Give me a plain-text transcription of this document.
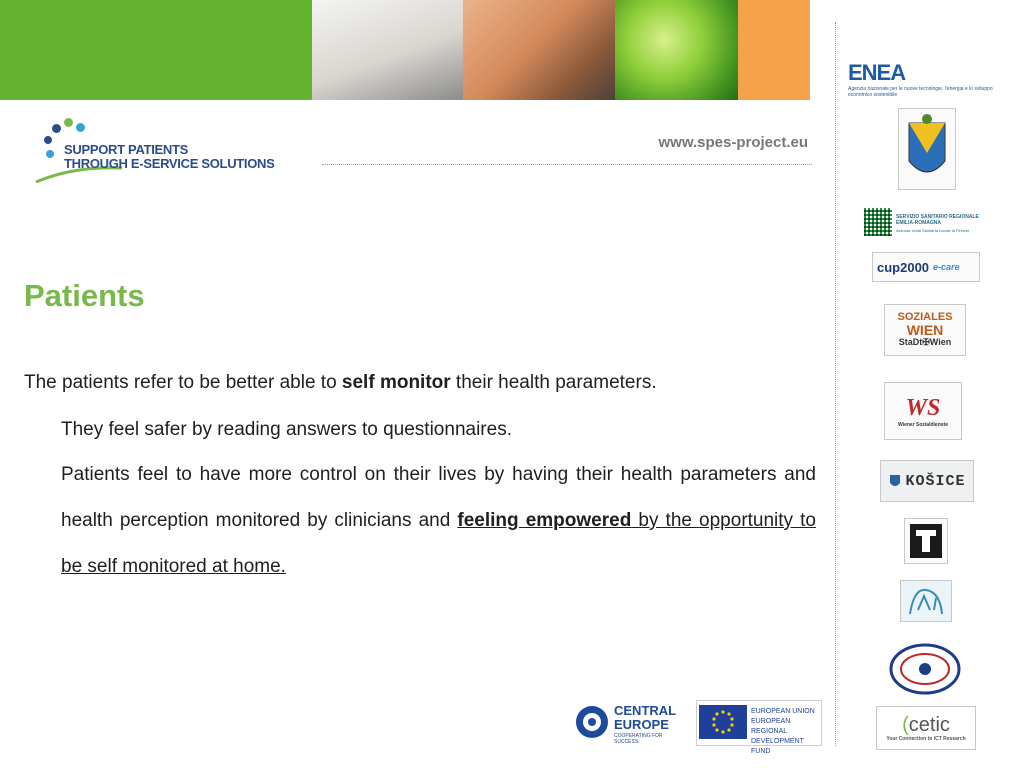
SUPPORT PATIENTS
THROUGH E-SERVICE SOLUTIONS
www.spes-project.eu
Patients
The patients refer to be better able to self monitor their health parameters.
They feel safer by reading answers to questionnaires.
Patients feel to have more control on their lives by having their health parameters and health perception monitored by clinicians and feeling empowered by the opportunity to be self monitored at home.
ENEA
Agenzia nazionale per le nuove tecnologie, l'energia e lo sviluppo economico sostenibile
SERVIZIO SANITARIO REGIONALE EMILIA-ROMAGNA
Azienda Unità Sanitaria Locale di Firenze
cup2000 e-care
SOZIALES
WIEN
StaDt✠Wien
WS
Wiener Sozialdienste
KOŠICE
(cetic
Your Connection to ICT Research
CENTRAL EUROPE
COOPERATING FOR SUCCESS.
EUROPEAN UNION
EUROPEAN REGIONAL
DEVELOPMENT FUND
